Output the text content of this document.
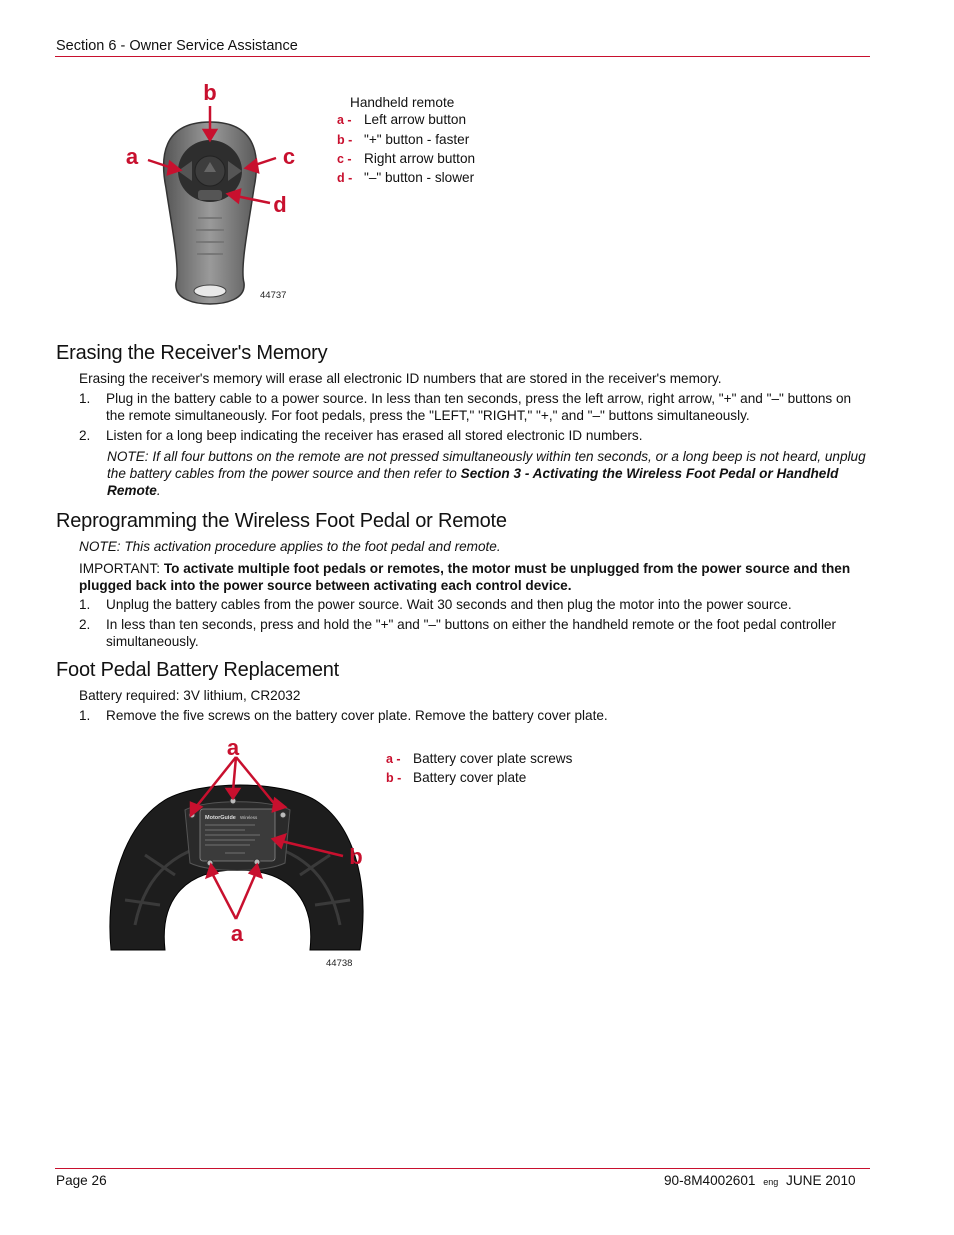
Section 6 - Owner Service Assistance
b
a	c
d
44737
Handheld remote
a - Left arrow button
b - "+" button - faster
c - Right arrow button
d - "–" button - slower
Erasing the Receiver's Memory
Erasing the receiver's memory will erase all electronic ID numbers that are stored in the receiver's memory.
1. Plug in the battery cable to a power source. In less than ten seconds, press the left arrow, right arrow, "+" and "–" buttons on the remote simultaneously. For foot pedals, press the "LEFT," "RIGHT," "+," and "–" buttons simultaneously.
2. Listen for a long beep indicating the receiver has erased all stored electronic ID numbers.
NOTE: If all four buttons on the remote are not pressed simultaneously within ten seconds, or a long beep is not heard, unplug the battery cables from the power source and then refer to Section 3 - Activating the Wireless Foot Pedal or Handheld Remote.
Reprogramming the Wireless Foot Pedal or Remote
NOTE: This activation procedure applies to the foot pedal and remote.
IMPORTANT: To activate multiple foot pedals or remotes, the motor must be unplugged from the power source and then plugged back into the power source between activating each control device.
1. Unplug the battery cables from the power source. Wait 30 seconds and then plug the motor into the power source.
2. In less than ten seconds, press and hold the "+" and "–" buttons on either the handheld remote or the foot pedal controller simultaneously.
Foot Pedal Battery Replacement
Battery required: 3V lithium, CR2032
1. Remove the five screws on the battery cover plate. Remove the battery cover plate.
MotorGuide Wireless
a
b
a
44738
a - Battery cover plate screws
b - Battery cover plate
Page 26	90-8M4002601 eng JUNE 2010
